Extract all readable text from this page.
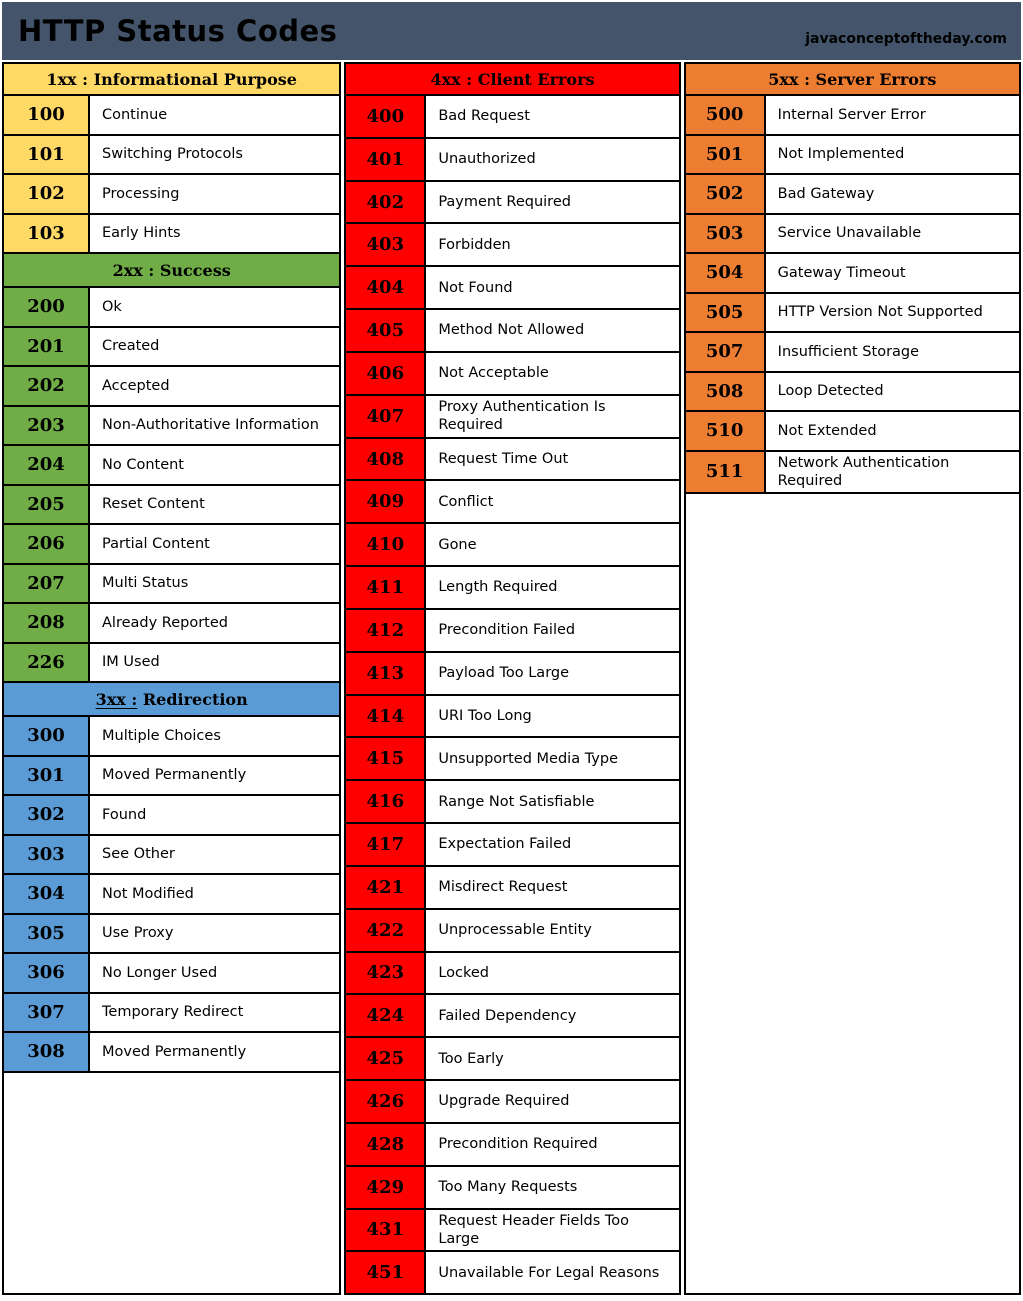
HTTP Status Codes	javaconceptoftheday.com
1xx : Informational Purpose
100	Continue
101	Switching Protocols
102	Processing
103	Early Hints
2xx : Success
200	Ok
201	Created
202	Accepted
203	Non-Authoritative Information
204	No Content
205	Reset Content
206	Partial Content
207	Multi Status
208	Already Reported
226	IM Used
3xx : Redirection
300	Multiple Choices
301	Moved Permanently
302	Found
303	See Other
304	Not Modified
305	Use Proxy
306	No Longer Used
307	Temporary Redirect
308	Moved Permanently
4xx : Client Errors
400	Bad Request
401	Unauthorized
402	Payment Required
403	Forbidden
404	Not Found
405	Method Not Allowed
406	Not Acceptable
407	Proxy Authentication Is Required
408	Request Time Out
409	Conflict
410	Gone
411	Length Required
412	Precondition Failed
413	Payload Too Large
414	URI Too Long
415	Unsupported Media Type
416	Range Not Satisfiable
417	Expectation Failed
421	Misdirect Request
422	Unprocessable Entity
423	Locked
424	Failed Dependency
425	Too Early
426	Upgrade Required
428	Precondition Required
429	Too Many Requests
431	Request Header Fields Too Large
451	Unavailable For Legal Reasons
5xx : Server Errors
500	Internal Server Error
501	Not Implemented
502	Bad Gateway
503	Service Unavailable
504	Gateway Timeout
505	HTTP Version Not Supported
507	Insufficient Storage
508	Loop Detected
510	Not Extended
511	Network Authentication Required
